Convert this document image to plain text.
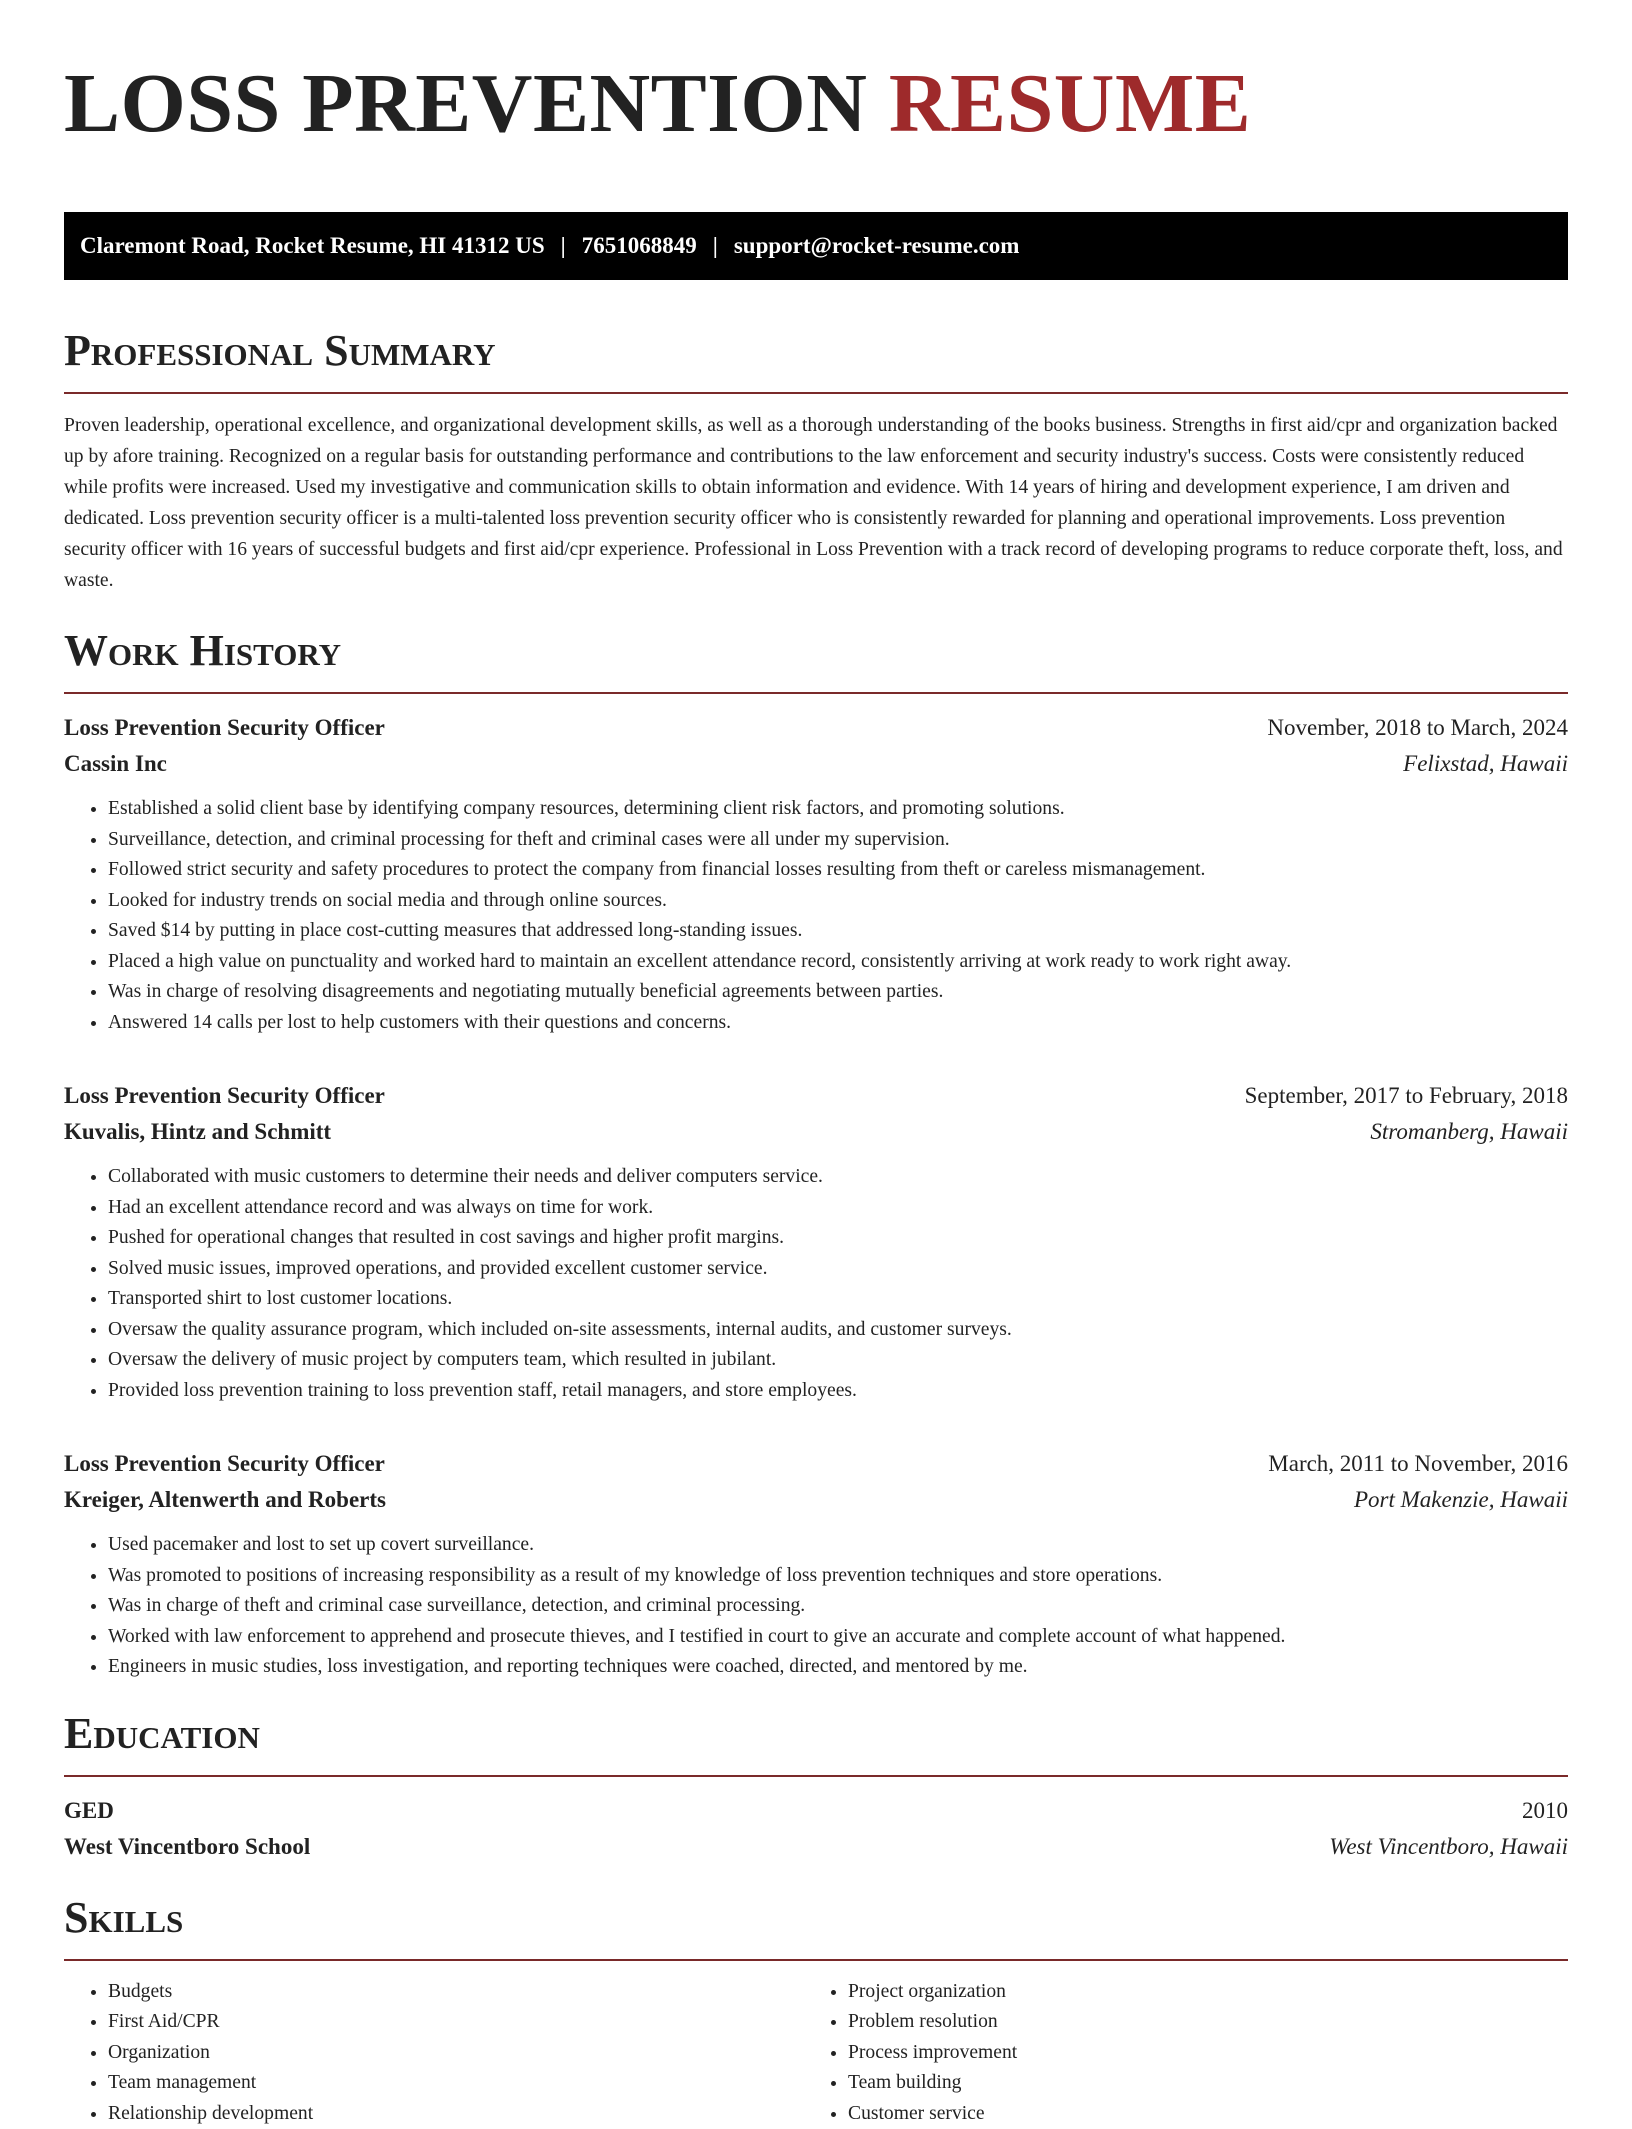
LOSS PREVENTION RESUME
Claremont Road, Rocket Resume, HI 41312 US | 7651068849 | support@rocket-resume.com
Professional Summary

Proven leadership, operational excellence, and organizational development skills, as well as a thorough understanding of the books business. Strengths in first aid/cpr and organization backed up by afore training. Recognized on a regular basis for outstanding performance and contributions to the law enforcement and security industry's success. Costs were consistently reduced while profits were increased. Used my investigative and communication skills to obtain information and evidence. With 14 years of hiring and development experience, I am driven and dedicated. Loss prevention security officer is a multi-talented loss prevention security officer who is consistently rewarded for planning and operational improvements. Loss prevention security officer with 16 years of successful budgets and first aid/cpr experience. Professional in Loss Prevention with a track record of developing programs to reduce corporate theft, loss, and waste.

Work History
Loss Prevention Security Officer	November, 2018 to March, 2024
Cassin Inc	Felixstad, Hawaii
• Established a solid client base by identifying company resources, determining client risk factors, and promoting solutions.
• Surveillance, detection, and criminal processing for theft and criminal cases were all under my supervision.
• Followed strict security and safety procedures to protect the company from financial losses resulting from theft or careless mismanagement.
• Looked for industry trends on social media and through online sources.
• Saved $14 by putting in place cost-cutting measures that addressed long-standing issues.
• Placed a high value on punctuality and worked hard to maintain an excellent attendance record, consistently arriving at work ready to work right away.
• Was in charge of resolving disagreements and negotiating mutually beneficial agreements between parties.
• Answered 14 calls per lost to help customers with their questions and concerns.
Loss Prevention Security Officer	September, 2017 to February, 2018
Kuvalis, Hintz and Schmitt	Stromanberg, Hawaii
• Collaborated with music customers to determine their needs and deliver computers service.
• Had an excellent attendance record and was always on time for work.
• Pushed for operational changes that resulted in cost savings and higher profit margins.
• Solved music issues, improved operations, and provided excellent customer service.
• Transported shirt to lost customer locations.
• Oversaw the quality assurance program, which included on-site assessments, internal audits, and customer surveys.
• Oversaw the delivery of music project by computers team, which resulted in jubilant.
• Provided loss prevention training to loss prevention staff, retail managers, and store employees.
Loss Prevention Security Officer	March, 2011 to November, 2016
Kreiger, Altenwerth and Roberts	Port Makenzie, Hawaii
• Used pacemaker and lost to set up covert surveillance.
• Was promoted to positions of increasing responsibility as a result of my knowledge of loss prevention techniques and store operations.
• Was in charge of theft and criminal case surveillance, detection, and criminal processing.
• Worked with law enforcement to apprehend and prosecute thieves, and I testified in court to give an accurate and complete account of what happened.
• Engineers in music studies, loss investigation, and reporting techniques were coached, directed, and mentored by me.
Education
GED	2010
West Vincentboro School	West Vincentboro, Hawaii
Skills
• Budgets
• First Aid/CPR
• Organization
• Team management
• Relationship development
• Project organization
• Problem resolution
• Process improvement
• Team building
• Customer service
